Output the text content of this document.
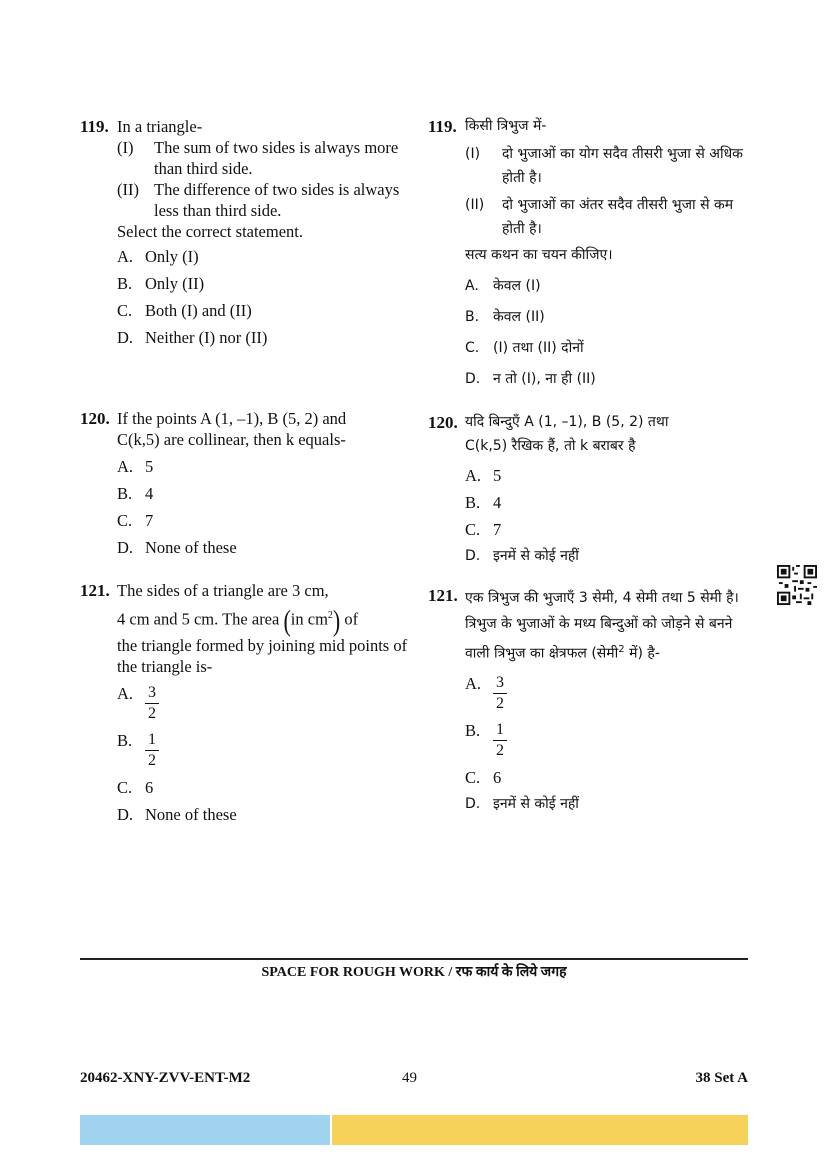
119. In a triangle-
(I) The sum of two sides is always more than third side.
(II) The difference of two sides is always less than third side.
Select the correct statement.
A. Only (I)
B. Only (II)
C. Both (I) and (II)
D. Neither (I) nor (II)
120. If the points A (1, –1), B (5, 2) and
C(k,5) are collinear, then k equals-
A. 5
B. 4
C. 7
D. None of these
121. The sides of a triangle are 3 cm,
4 cm and 5 cm. The area (in $cm^2$) of
the triangle formed by joining mid points of the triangle is-
A. $\frac{3}{2}$
B. $\frac{1}{2}$
C. 6
D. None of these
119. किसी त्रिभुज में-
(I) दो भुजाओं का योग सदैव तीसरी भुजा से अधिक होती है।
(II) दो भुजाओं का अंतर सदैव तीसरी भुजा से कम होती है।
सत्य कथन का चयन कीजिए।
A. केवल (I)
B. केवल (II)
C. (I) तथा (II) दोनों
D. न तो (I), ना ही (II)
120. यदि बिन्दुएँ A (1, –1), B (5, 2) तथा
C(k,5) रैखिक हैं, तो k बराबर है
A. 5
B. 4
C. 7
D. इनमें से कोई नहीं
121. एक त्रिभुज की भुजाएँ 3 सेमी, 4 सेमी तथा 5 सेमी है। त्रिभुज के भुजाओं के मध्य बिन्दुओं को जोड़ने से बनने वाली त्रिभुज का क्षेत्रफल (सेमी$^2$ में) है-
A. $\frac{3}{2}$
B. $\frac{1}{2}$
C. 6
D. इनमें से कोई नहीं
SPACE FOR ROUGH WORK / रफ कार्य के लिये जगह
20462-XNY-ZVV-ENT-M2	49	38 Set A
